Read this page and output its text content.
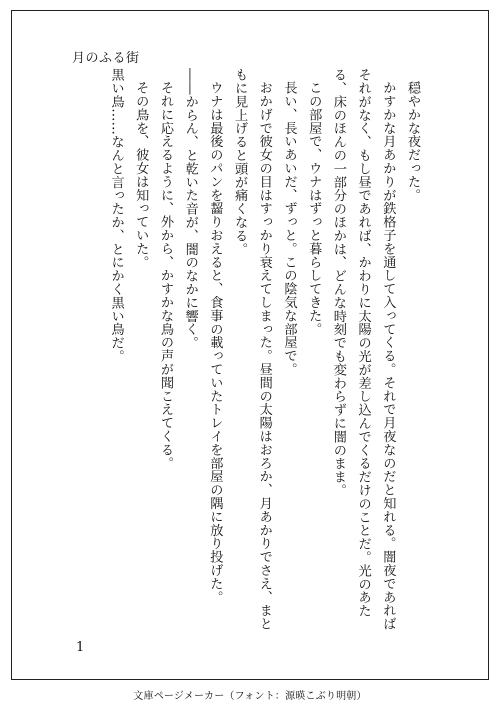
月のふる街

穏やかな夜だった。

かすかな月あかりが鉄格子を通して入ってくる。それで月夜なのだと知れる。闇夜であればそれがなく、もし昼であれば、かわりに太陽の光が差し込んでくるだけのことだ。光のあたる、床のほんの一部分のほかは、どんな時刻でも変わらずに闇のまま。

この部屋で、ウナはずっと暮らしてきた。

長い、長いあいだ、ずっと。この陰気な部屋で。

おかげで彼女の目はすっかり衰えてしまった。昼間の太陽はおろか、月あかりでさえ、まともに見上げると頭が痛くなる。

ウナは最後のパンを齧りおえると、食事の載っていたトレイを部屋の隅に放り投げた。

――からん、と乾いた音が、闇のなかに響く。

それに応えるように、外から、かすかな鳥の声が聞こえてくる。

その鳥を、彼女は知っていた。

黒い鳥……なんと言ったか、とにかく黒い鳥だ。

1
文庫ページメーカー（フォント：源暎こぶり明朝）
